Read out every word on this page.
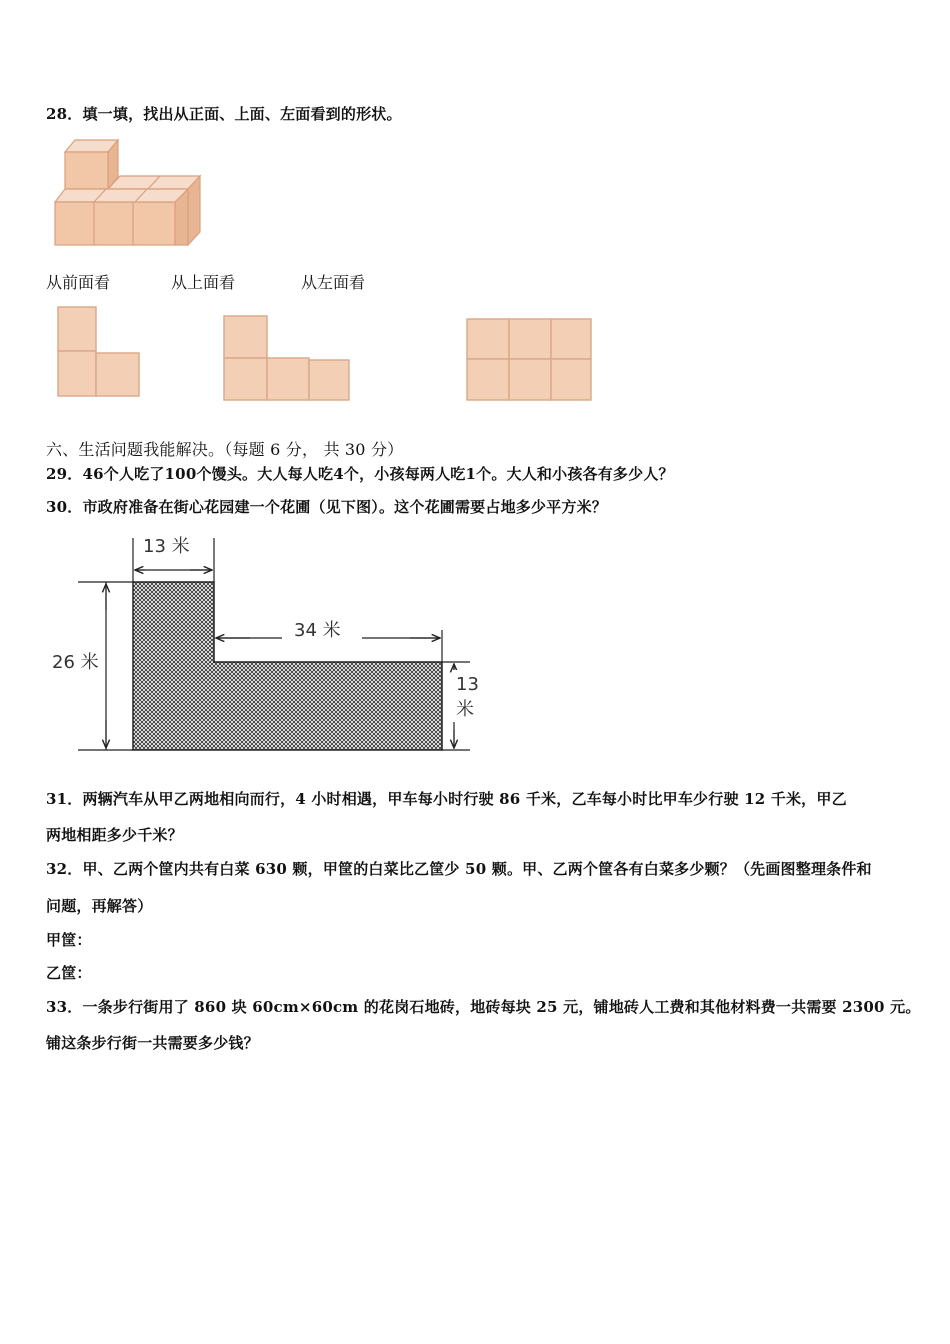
28．填一填，找出从正面、上面、左面看到的形状。
从前面看	从上面看	从左面看
六、生活问题我能解决。（每题 6 分， 共 30 分）
29．46个人吃了100个馒头。大人每人吃4个，小孩每两人吃1个。大人和小孩各有多少人？
30．市政府准备在街心花园建一个花圃（见下图）。这个花圃需要占地多少平方米？
13 米
34 米
26 米
13
米
31．两辆汽车从甲乙两地相向而行，4 小时相遇，甲车每小时行驶 86 千米，乙车每小时比甲车少行驶 12 千米，甲乙
两地相距多少千米？
32．甲、乙两个筐内共有白菜 630 颗，甲筐的白菜比乙筐少 50 颗。甲、乙两个筐各有白菜多少颗？（先画图整理条件和
问题，再解答）
甲筐：
乙筐：
33．一条步行街用了 860 块 60cm×60cm 的花岗石地砖，地砖每块 25 元，铺地砖人工费和其他材料费一共需要 2300 元。
铺这条步行街一共需要多少钱？
